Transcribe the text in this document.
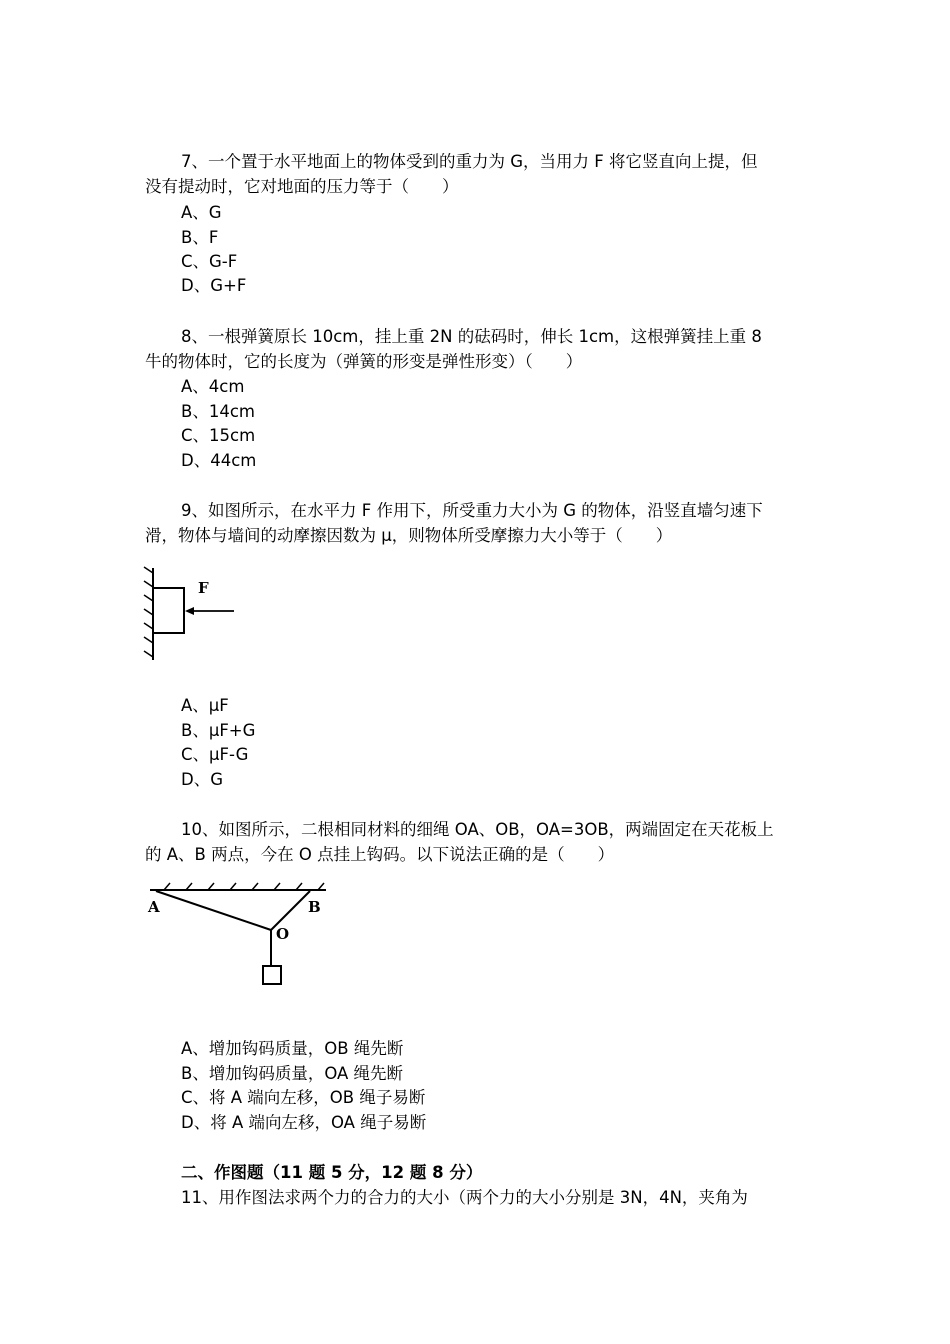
7、一个置于水平地面上的物体受到的重力为 G，当用力 F 将它竖直向上提，但
没有提动时，它对地面的压力等于（　　）
A、G
B、F
C、G-F
D、G+F
8、一根弹簧原长 10cm，挂上重 2N 的砝码时，伸长 1cm，这根弹簧挂上重 8
牛的物体时，它的长度为（弹簧的形变是弹性形变）（　　）
A、4cm
B、14cm
C、15cm
D、44cm
9、如图所示，在水平力 F 作用下，所受重力大小为 G 的物体，沿竖直墙匀速下
滑，物体与墙间的动摩擦因数为 μ，则物体所受摩擦力大小等于（　　）
F
A、μF
B、μF+G
C、μF-G
D、G
10、如图所示，二根相同材料的细绳 OA、OB，OA=3OB，两端固定在天花板上
的 A、B 两点，今在 O 点挂上钩码。以下说法正确的是（　　）
A	B
O
A、增加钩码质量，OB 绳先断
B、增加钩码质量，OA 绳先断
C、将 A 端向左移，OB 绳子易断
D、将 A 端向左移，OA 绳子易断
二、作图题（11 题 5 分，12 题 8 分）
11、用作图法求两个力的合力的大小（两个力的大小分别是 3N，4N，夹角为
